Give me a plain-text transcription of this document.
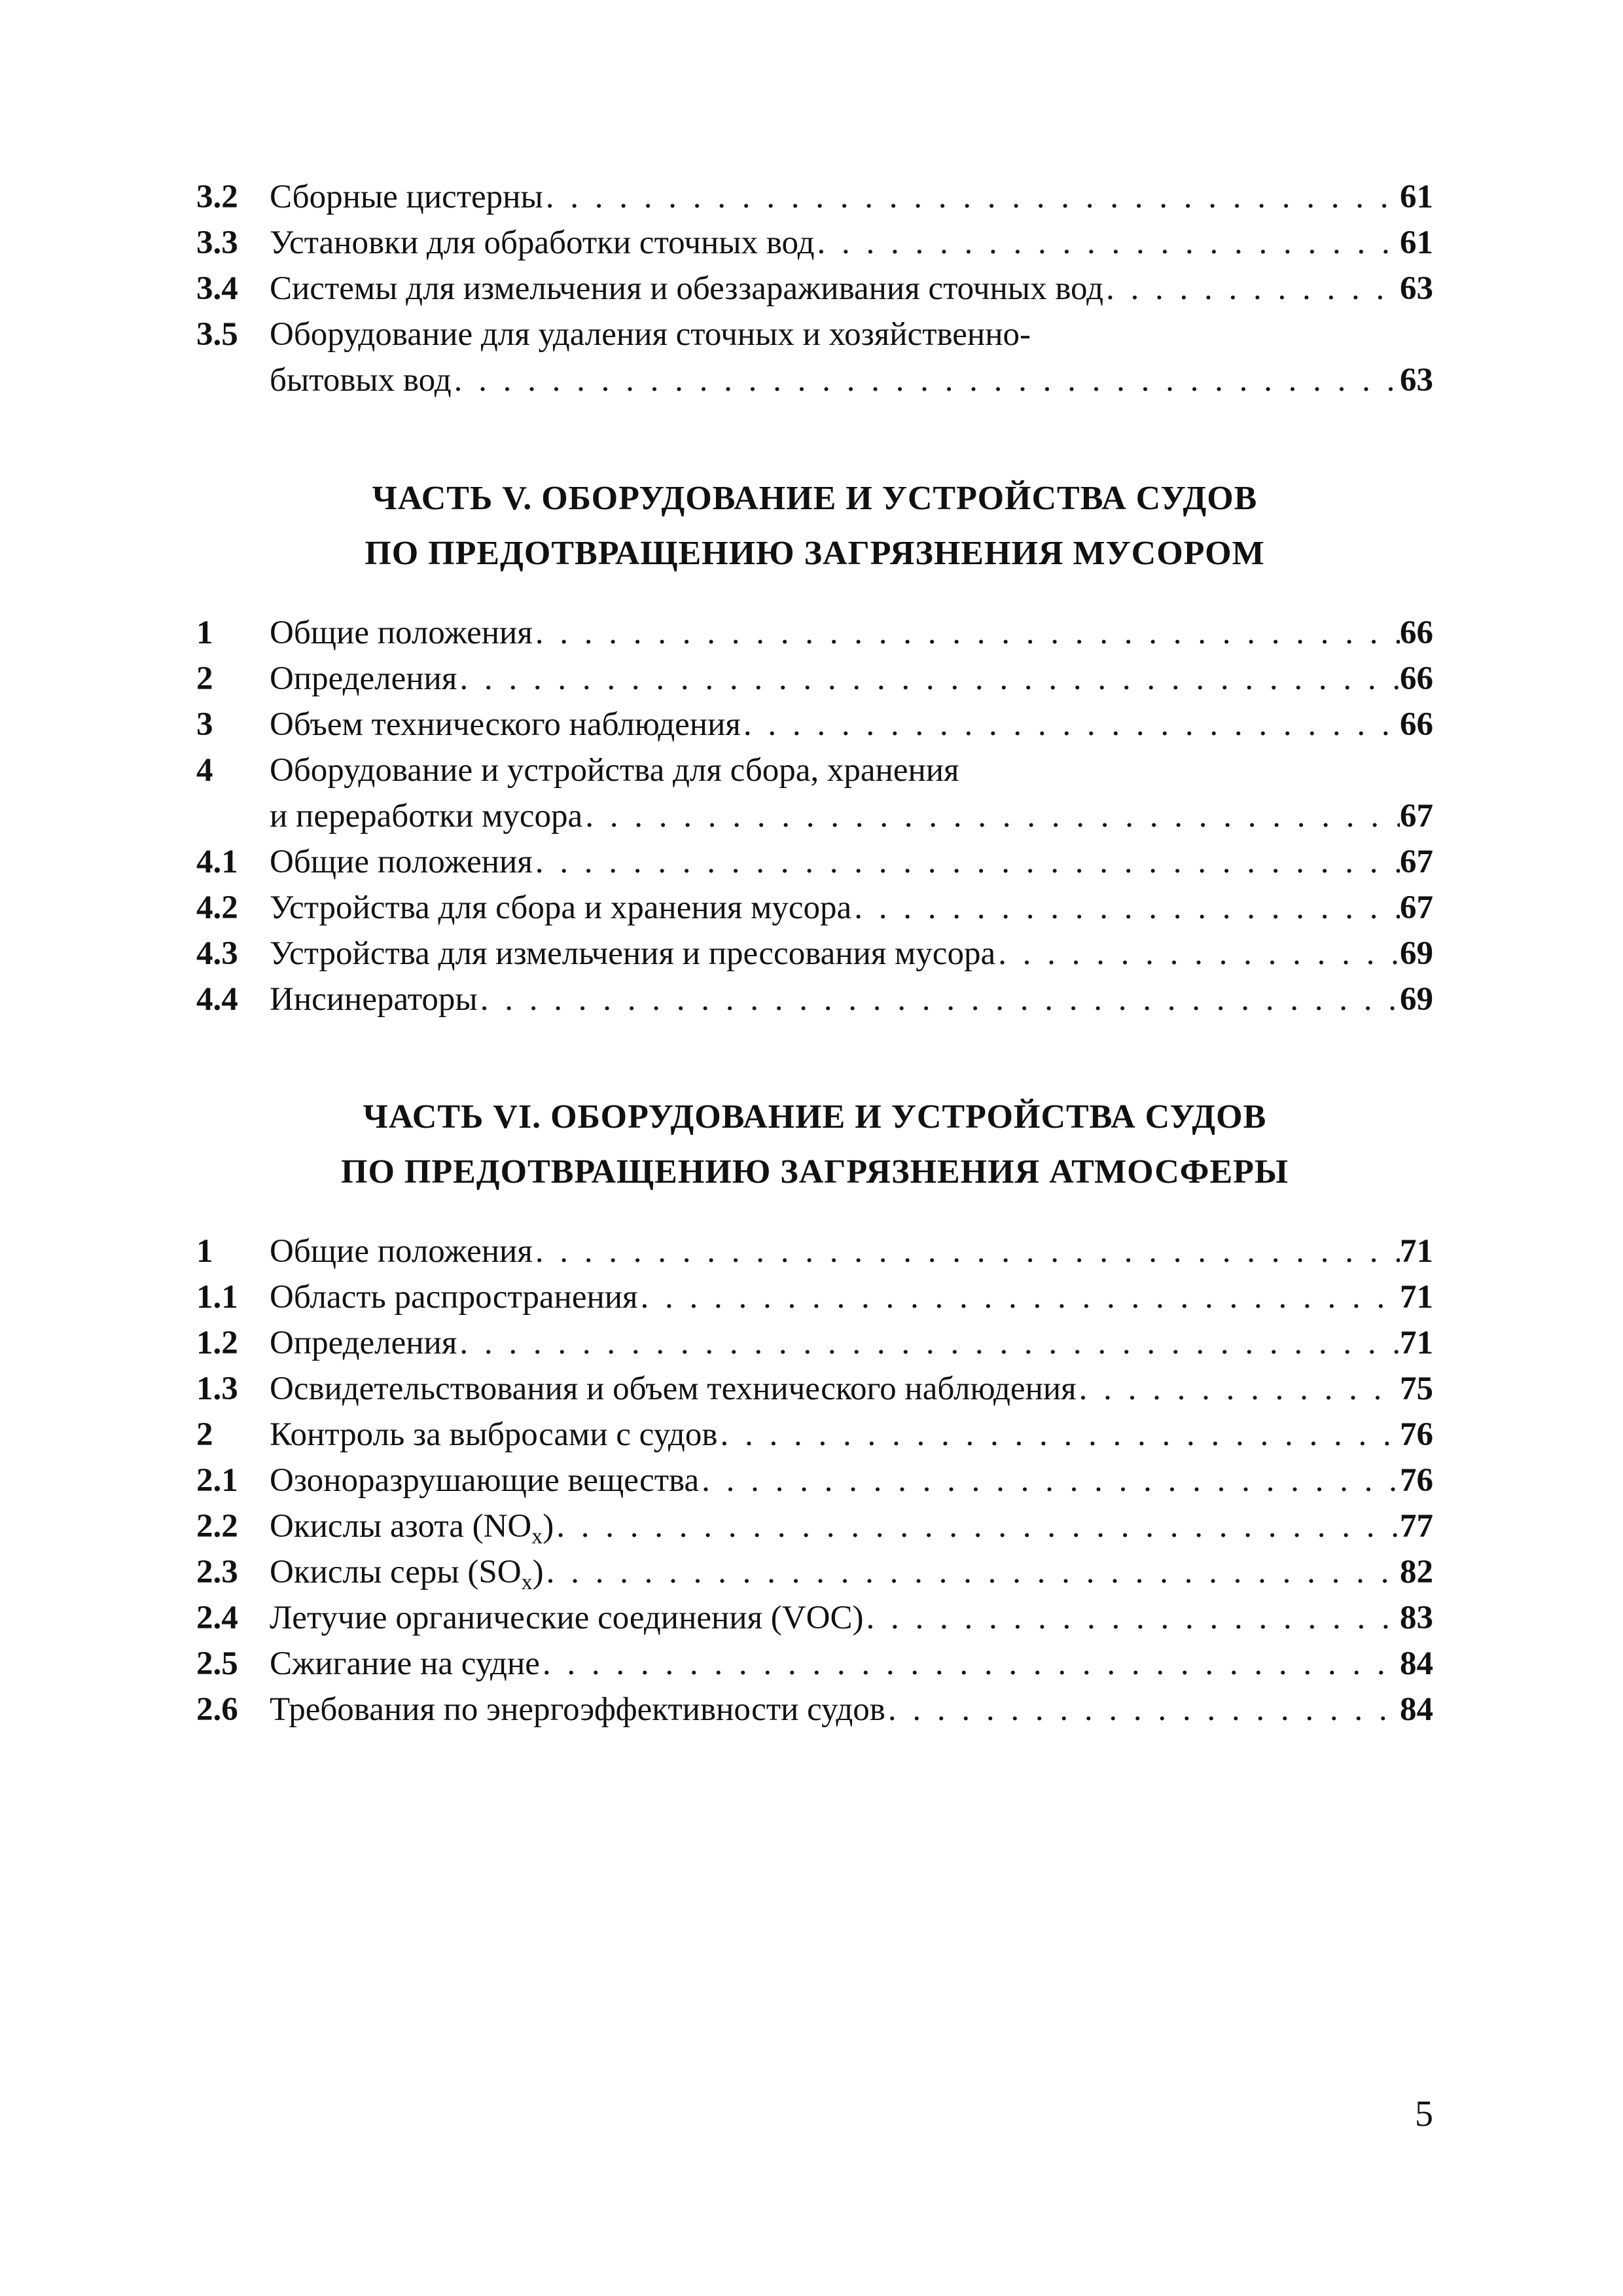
3.2 Сборные цистерны . . .	61
3.3 Установки для обработки сточных вод . . .	61
3.4 Системы для измельчения и обеззараживания сточных вод . . .	63
3.5 Оборудование для удаления сточных и хозяйственно-
бытовых вод . . .	63
ЧАСТЬ V. ОБОРУДОВАНИЕ И УСТРОЙСТВА СУДОВ
ПО ПРЕДОТВРАЩЕНИЮ ЗАГРЯЗНЕНИЯ МУСОРОМ
1 Общие положения . . .	66
2 Определения . . .	66
3 Объем технического наблюдения . . .	66
4 Оборудование и устройства для сбора, хранения
и переработки мусора . . .	67
4.1 Общие положения . . .	67
4.2 Устройства для сбора и хранения мусора . . .	67
4.3 Устройства для измельчения и прессования мусора . . .	69
4.4 Инсинераторы . . .	69
ЧАСТЬ VI. ОБОРУДОВАНИЕ И УСТРОЙСТВА СУДОВ
ПО ПРЕДОТВРАЩЕНИЮ ЗАГРЯЗНЕНИЯ АТМОСФЕРЫ
1 Общие положения . . .	71
1.1 Область распространения . . .	71
1.2 Определения . . .	71
1.3 Освидетельствования и объем технического наблюдения . . .	75
2 Контроль за выбросами с судов . . .	76
2.1 Озоноразрушающие вещества . . .	76
2.2 Окислы азота $(NO_x)$ . . .	77
2.3 Окислы серы $(SO_x)$ . . .	82
2.4 Летучие органические соединения (VOC) . . .	83
2.5 Сжигание на судне . . .	84
2.6 Требования по энергоэффективности судов . . .	84
5
